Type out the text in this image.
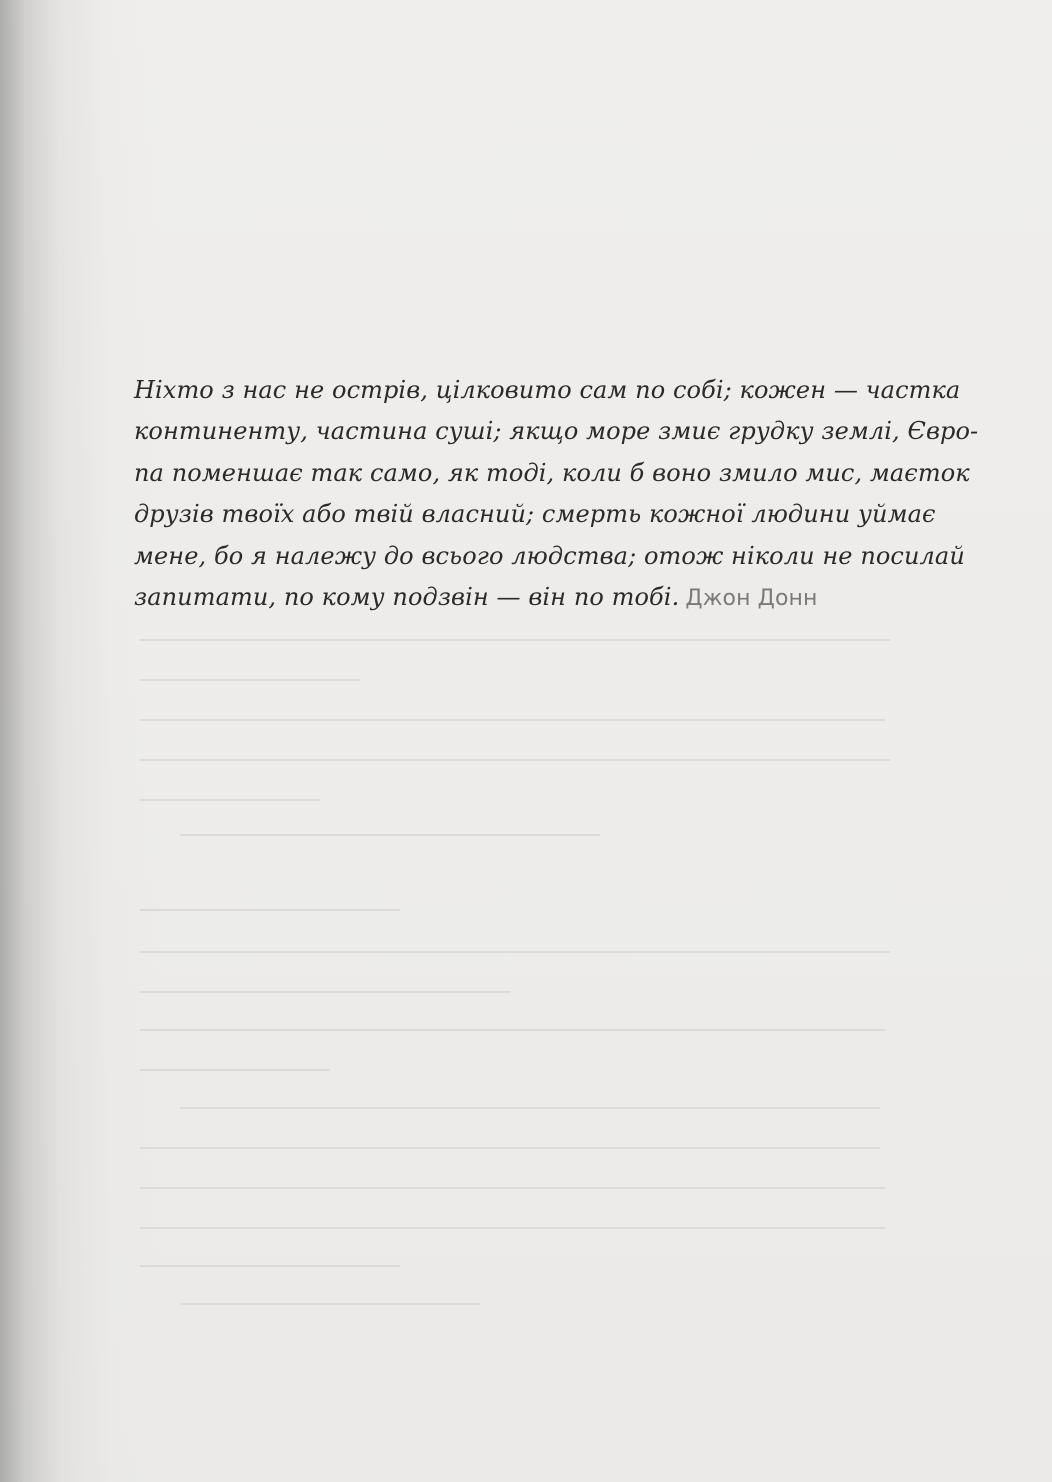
Ніхто з нас не острів, цілковито сам по собі; кожен — частка
континенту, частина суші; якщо море змиє грудку землі, Євро-
па поменшає так само, як тоді, коли б воно змило мис, маєток
друзів твоїх або твій власний; смерть кожної людини уймає
мене, бо я належу до всього людства; отож ніколи не посилай
запитати, по кому подзвін — він по тобі. Джон Донн
